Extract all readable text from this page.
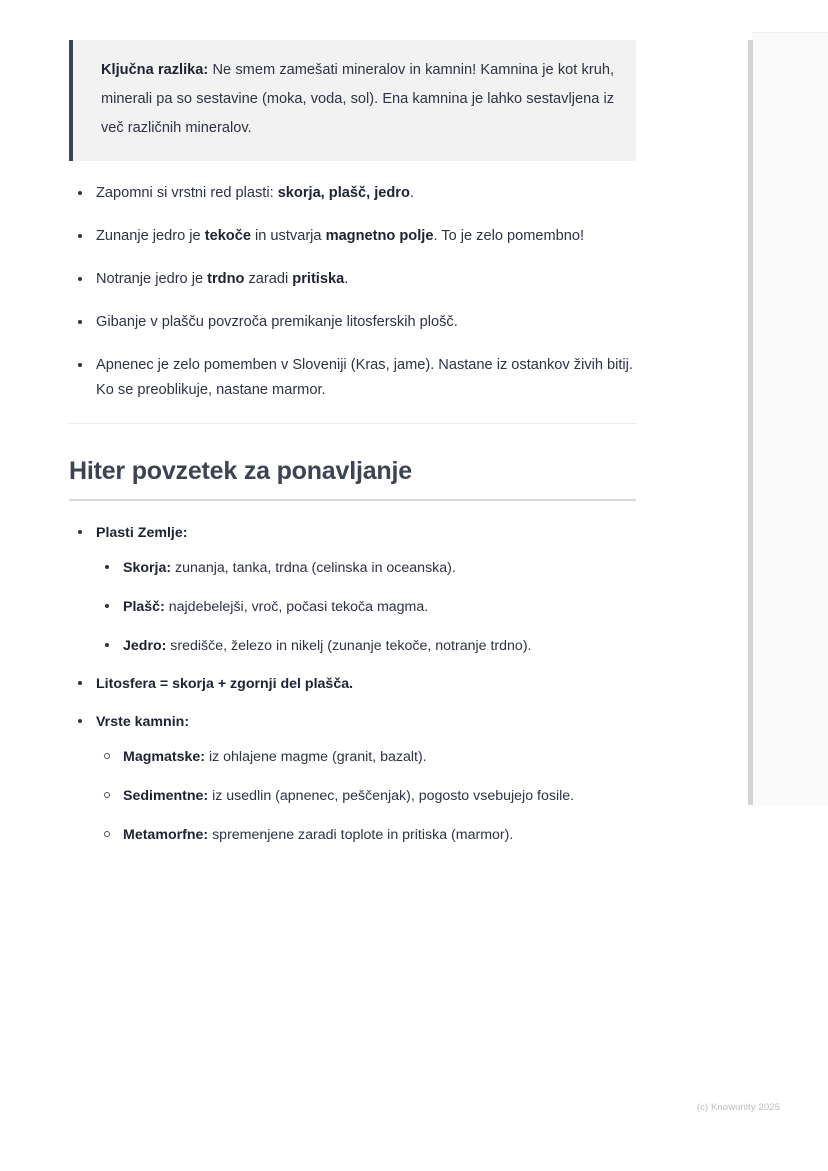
Ključna razlika: Ne smem zamešati mineralov in kamnin! Kamnina je kot kruh, minerali pa so sestavine (moka, voda, sol). Ena kamnina je lahko sestavljena iz več različnih mineralov.

Zapomni si vrstni red plasti: skorja, plašč, jedro.
Zunanje jedro je tekoče in ustvarja magnetno polje. To je zelo pomembno!
Notranje jedro je trdno zaradi pritiska.
Gibanje v plašču povzroča premikanje litosferskih plošč.
Apnenec je zelo pomemben v Sloveniji (Kras, jame). Nastane iz ostankov živih bitij. Ko se preoblikuje, nastane marmor.
Hiter povzetek za ponavljanje
Plasti Zemlje:
Skorja: zunanja, tanka, trdna (celinska in oceanska).
Plašč: najdebelejši, vroč, počasi tekoča magma.
Jedro: središče, železo in nikelj (zunanje tekoče, notranje trdno).
Litosfera = skorja + zgornji del plašča.
Vrste kamnin:
Magmatske: iz ohlajene magme (granit, bazalt).
Sedimentne: iz usedlin (apnenec, peščenjak), pogosto vsebujejo fosile.
Metamorfne: spremenjene zaradi toplote in pritiska (marmor).
(c) Knowunity 2025
